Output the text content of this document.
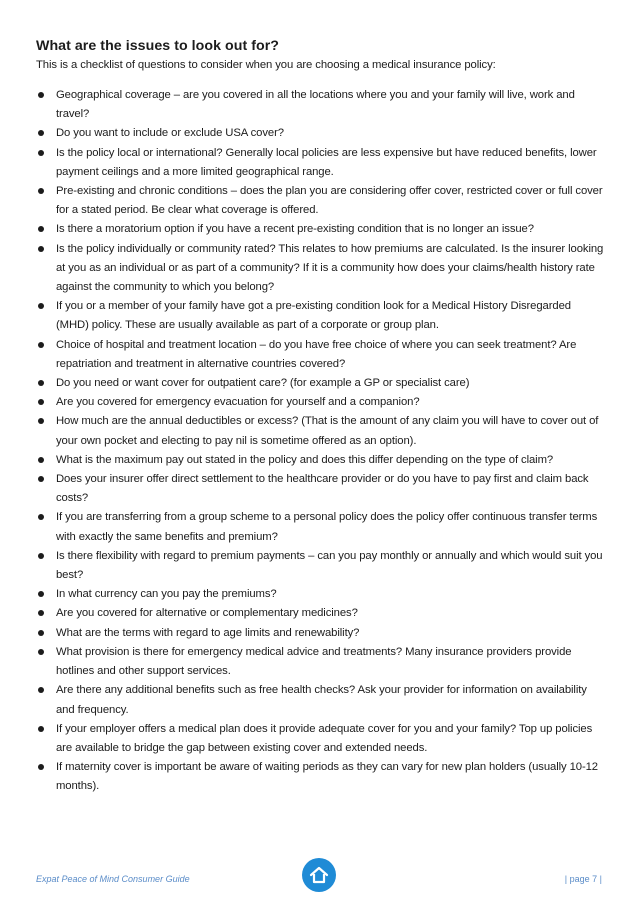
What are the issues to look out for?

This is a checklist of questions to consider when you are choosing a medical insurance policy:

Geographical coverage – are you covered in all the locations where you and your family will live, work and travel?
Do you want to include or exclude USA cover?
Is the policy local or international? Generally local policies are less expensive but have reduced benefits, lower payment ceilings and a more limited geographical range.
Pre-existing and chronic conditions – does the plan you are considering offer cover, restricted cover or full cover for a stated period. Be clear what coverage is offered.
Is there a moratorium option if you have a recent pre-existing condition that is no longer an issue?
Is the policy individually or community rated? This relates to how premiums are calculated. Is the insurer looking at you as an individual or as part of a community? If it is a community how does your claims/health history rate against the community to which you belong?
If you or a member of your family have got a pre-existing condition look for a Medical History Disregarded (MHD) policy. These are usually available as part of a corporate or group plan.
Choice of hospital and treatment location – do you have free choice of where you can seek treatment? Are repatriation and treatment in alternative countries covered?
Do you need or want cover for outpatient care? (for example a GP or specialist care)
Are you covered for emergency evacuation for yourself and a companion?
How much are the annual deductibles or excess? (That is the amount of any claim you will have to cover out of your own pocket and electing to pay nil is sometime offered as an option).
What is the maximum pay out stated in the policy and does this differ depending on the type of claim?
Does your insurer offer direct settlement to the healthcare provider or do you have to pay first and claim back costs?
If you are transferring from a group scheme to a personal policy does the policy offer continuous transfer terms with exactly the same benefits and premium?
Is there flexibility with regard to premium payments – can you pay monthly or annually and which would suit you best?
In what currency can you pay the premiums?
Are you covered for alternative or complementary medicines?
What are the terms with regard to age limits and renewability?
What provision is there for emergency medical advice and treatments? Many insurance providers provide hotlines and other support services.
Are there any additional benefits such as free health checks? Ask your provider for information on availability and frequency.
If your employer offers a medical plan does it provide adequate cover for you and your family? Top up policies are available to bridge the gap between existing cover and extended needs.
If maternity cover is important be aware of waiting periods as they can vary for new plan holders (usually 10-12 months).
Expat Peace of Mind Consumer Guide	| page 7 |
